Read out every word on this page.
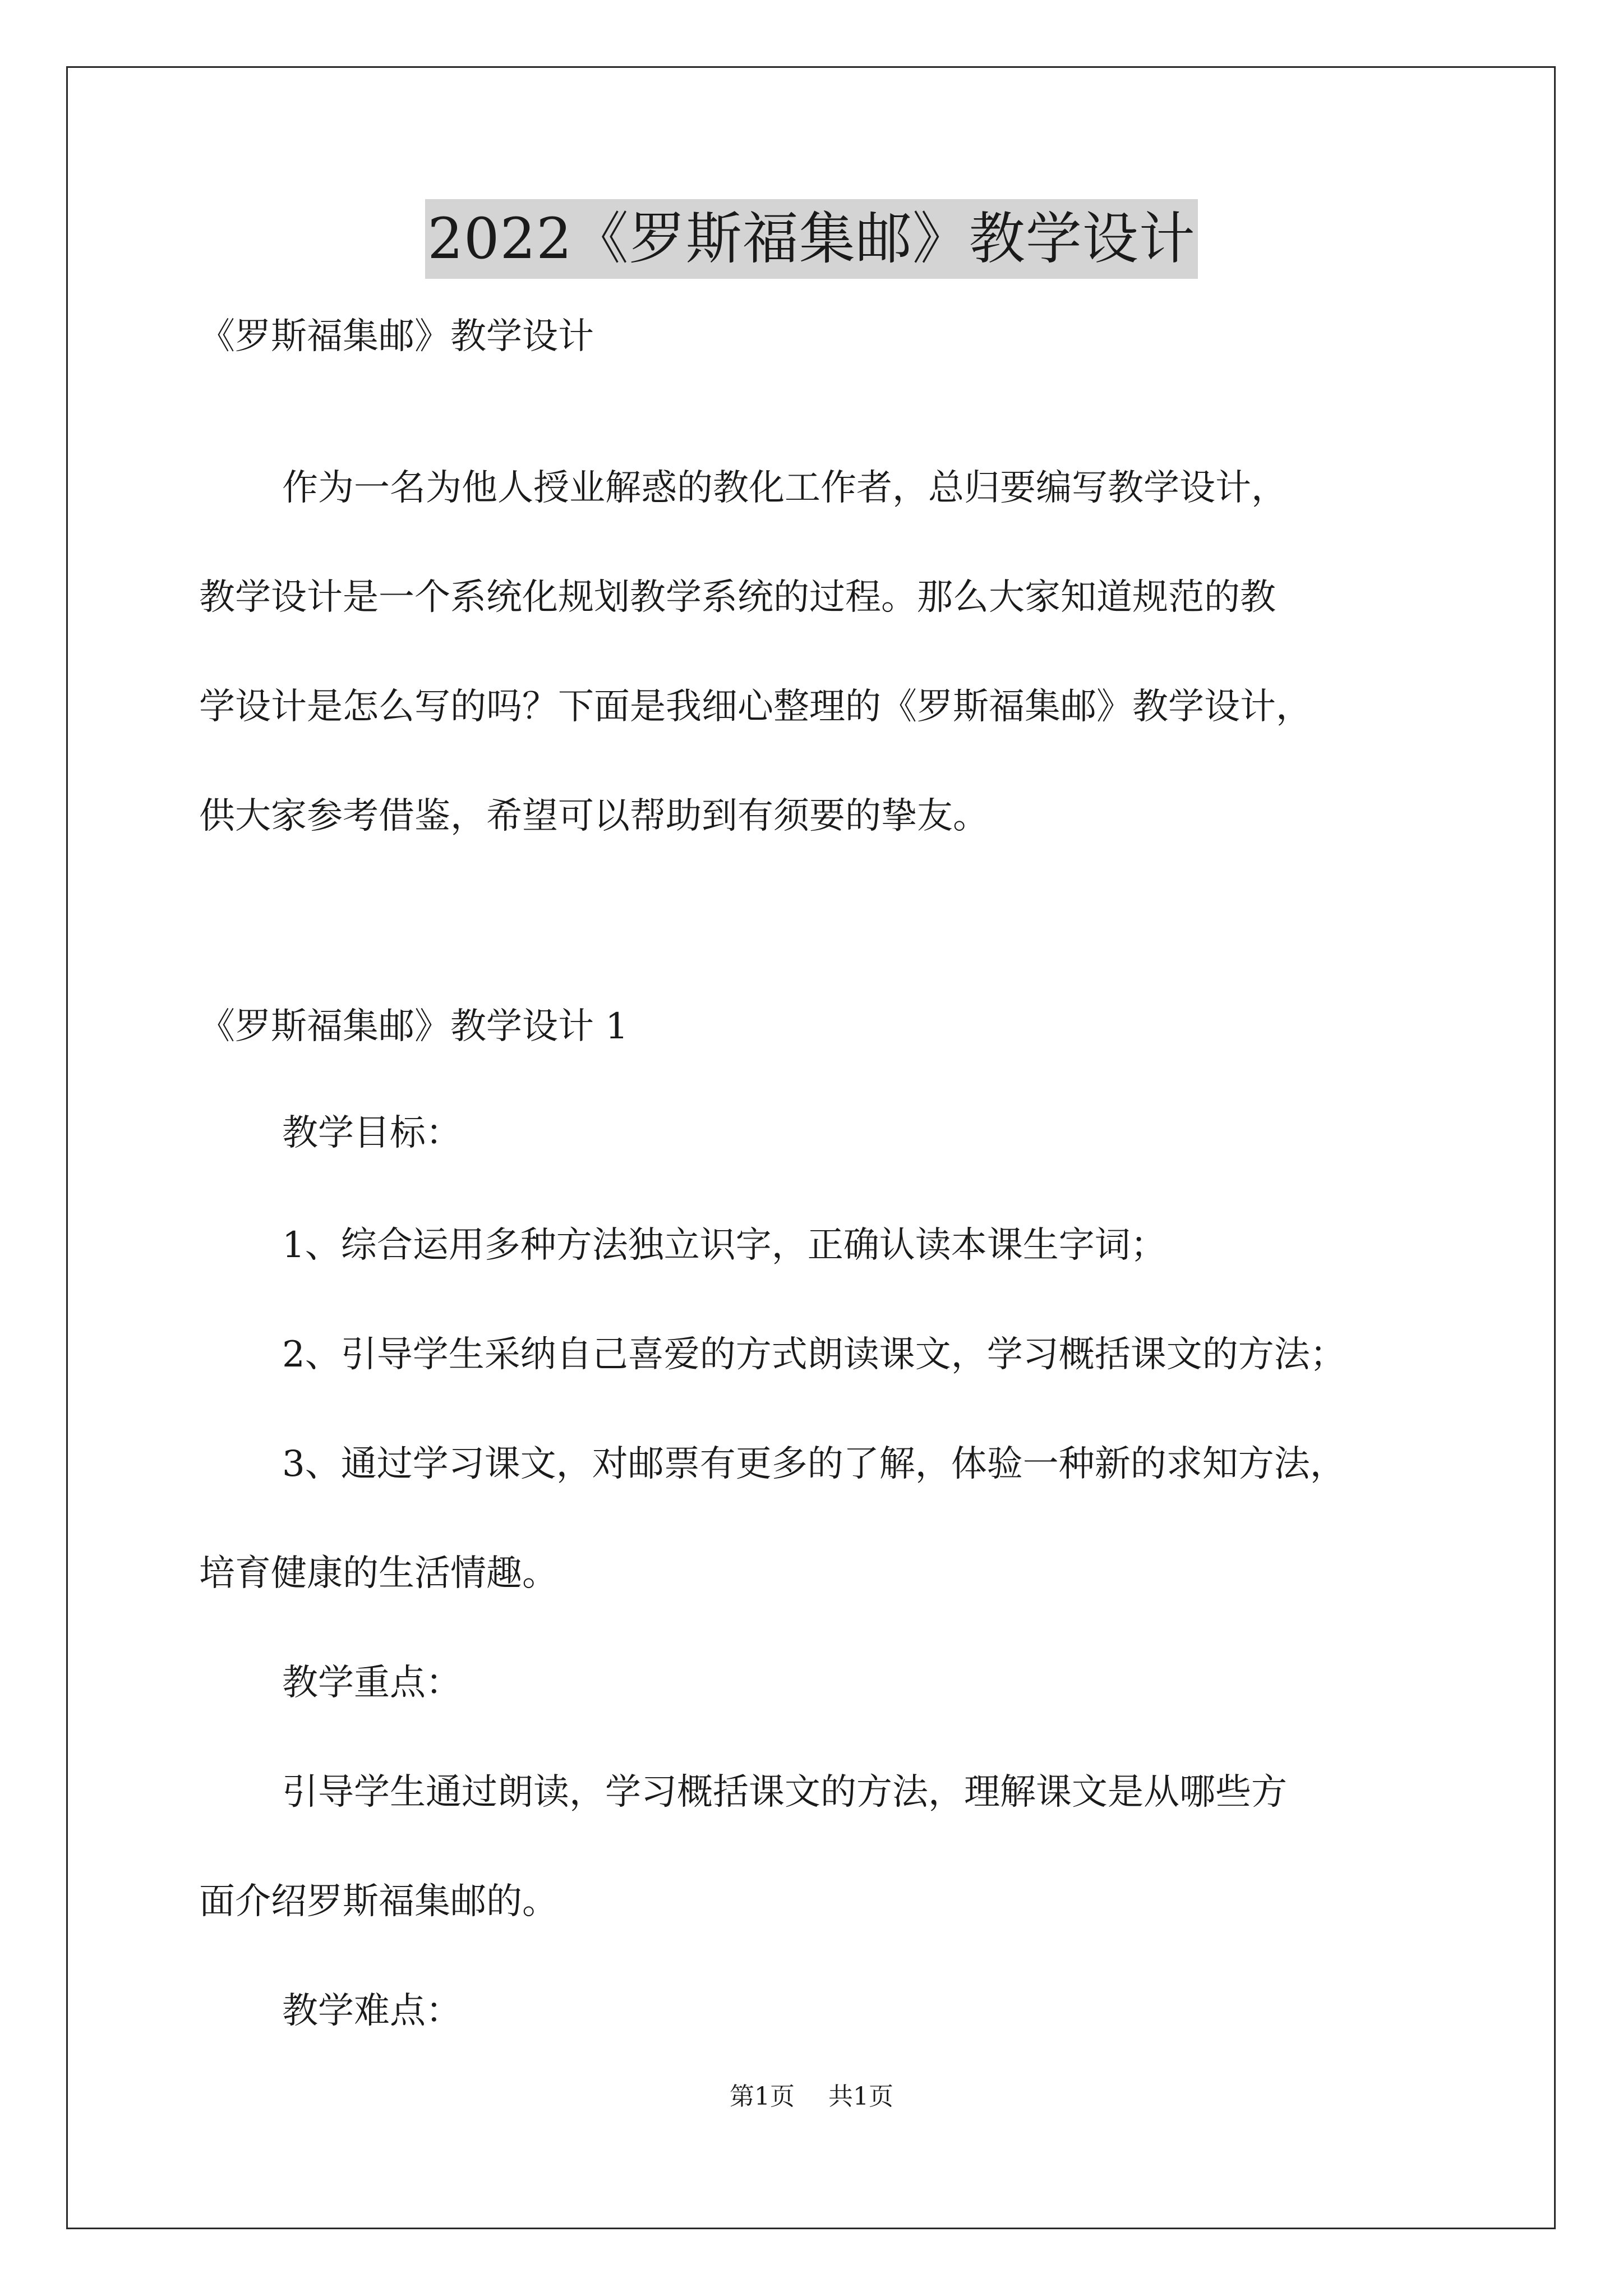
2022《罗斯福集邮》教学设计
《罗斯福集邮》教学设计
作为一名为他人授业解惑的教化工作者，总归要编写教学设计，
教学设计是一个系统化规划教学系统的过程。那么大家知道规范的教
学设计是怎么写的吗？下面是我细心整理的《罗斯福集邮》教学设计，
供大家参考借鉴，希望可以帮助到有须要的挚友。
《罗斯福集邮》教学设计 1
教学目标：
1、综合运用多种方法独立识字，正确认读本课生字词；
2、引导学生采纳自己喜爱的方式朗读课文，学习概括课文的方法；
3、通过学习课文，对邮票有更多的了解，体验一种新的求知方法，
培育健康的生活情趣。
教学重点：
引导学生通过朗读，学习概括课文的方法，理解课文是从哪些方
面介绍罗斯福集邮的。
教学难点：
第1页 共1页
